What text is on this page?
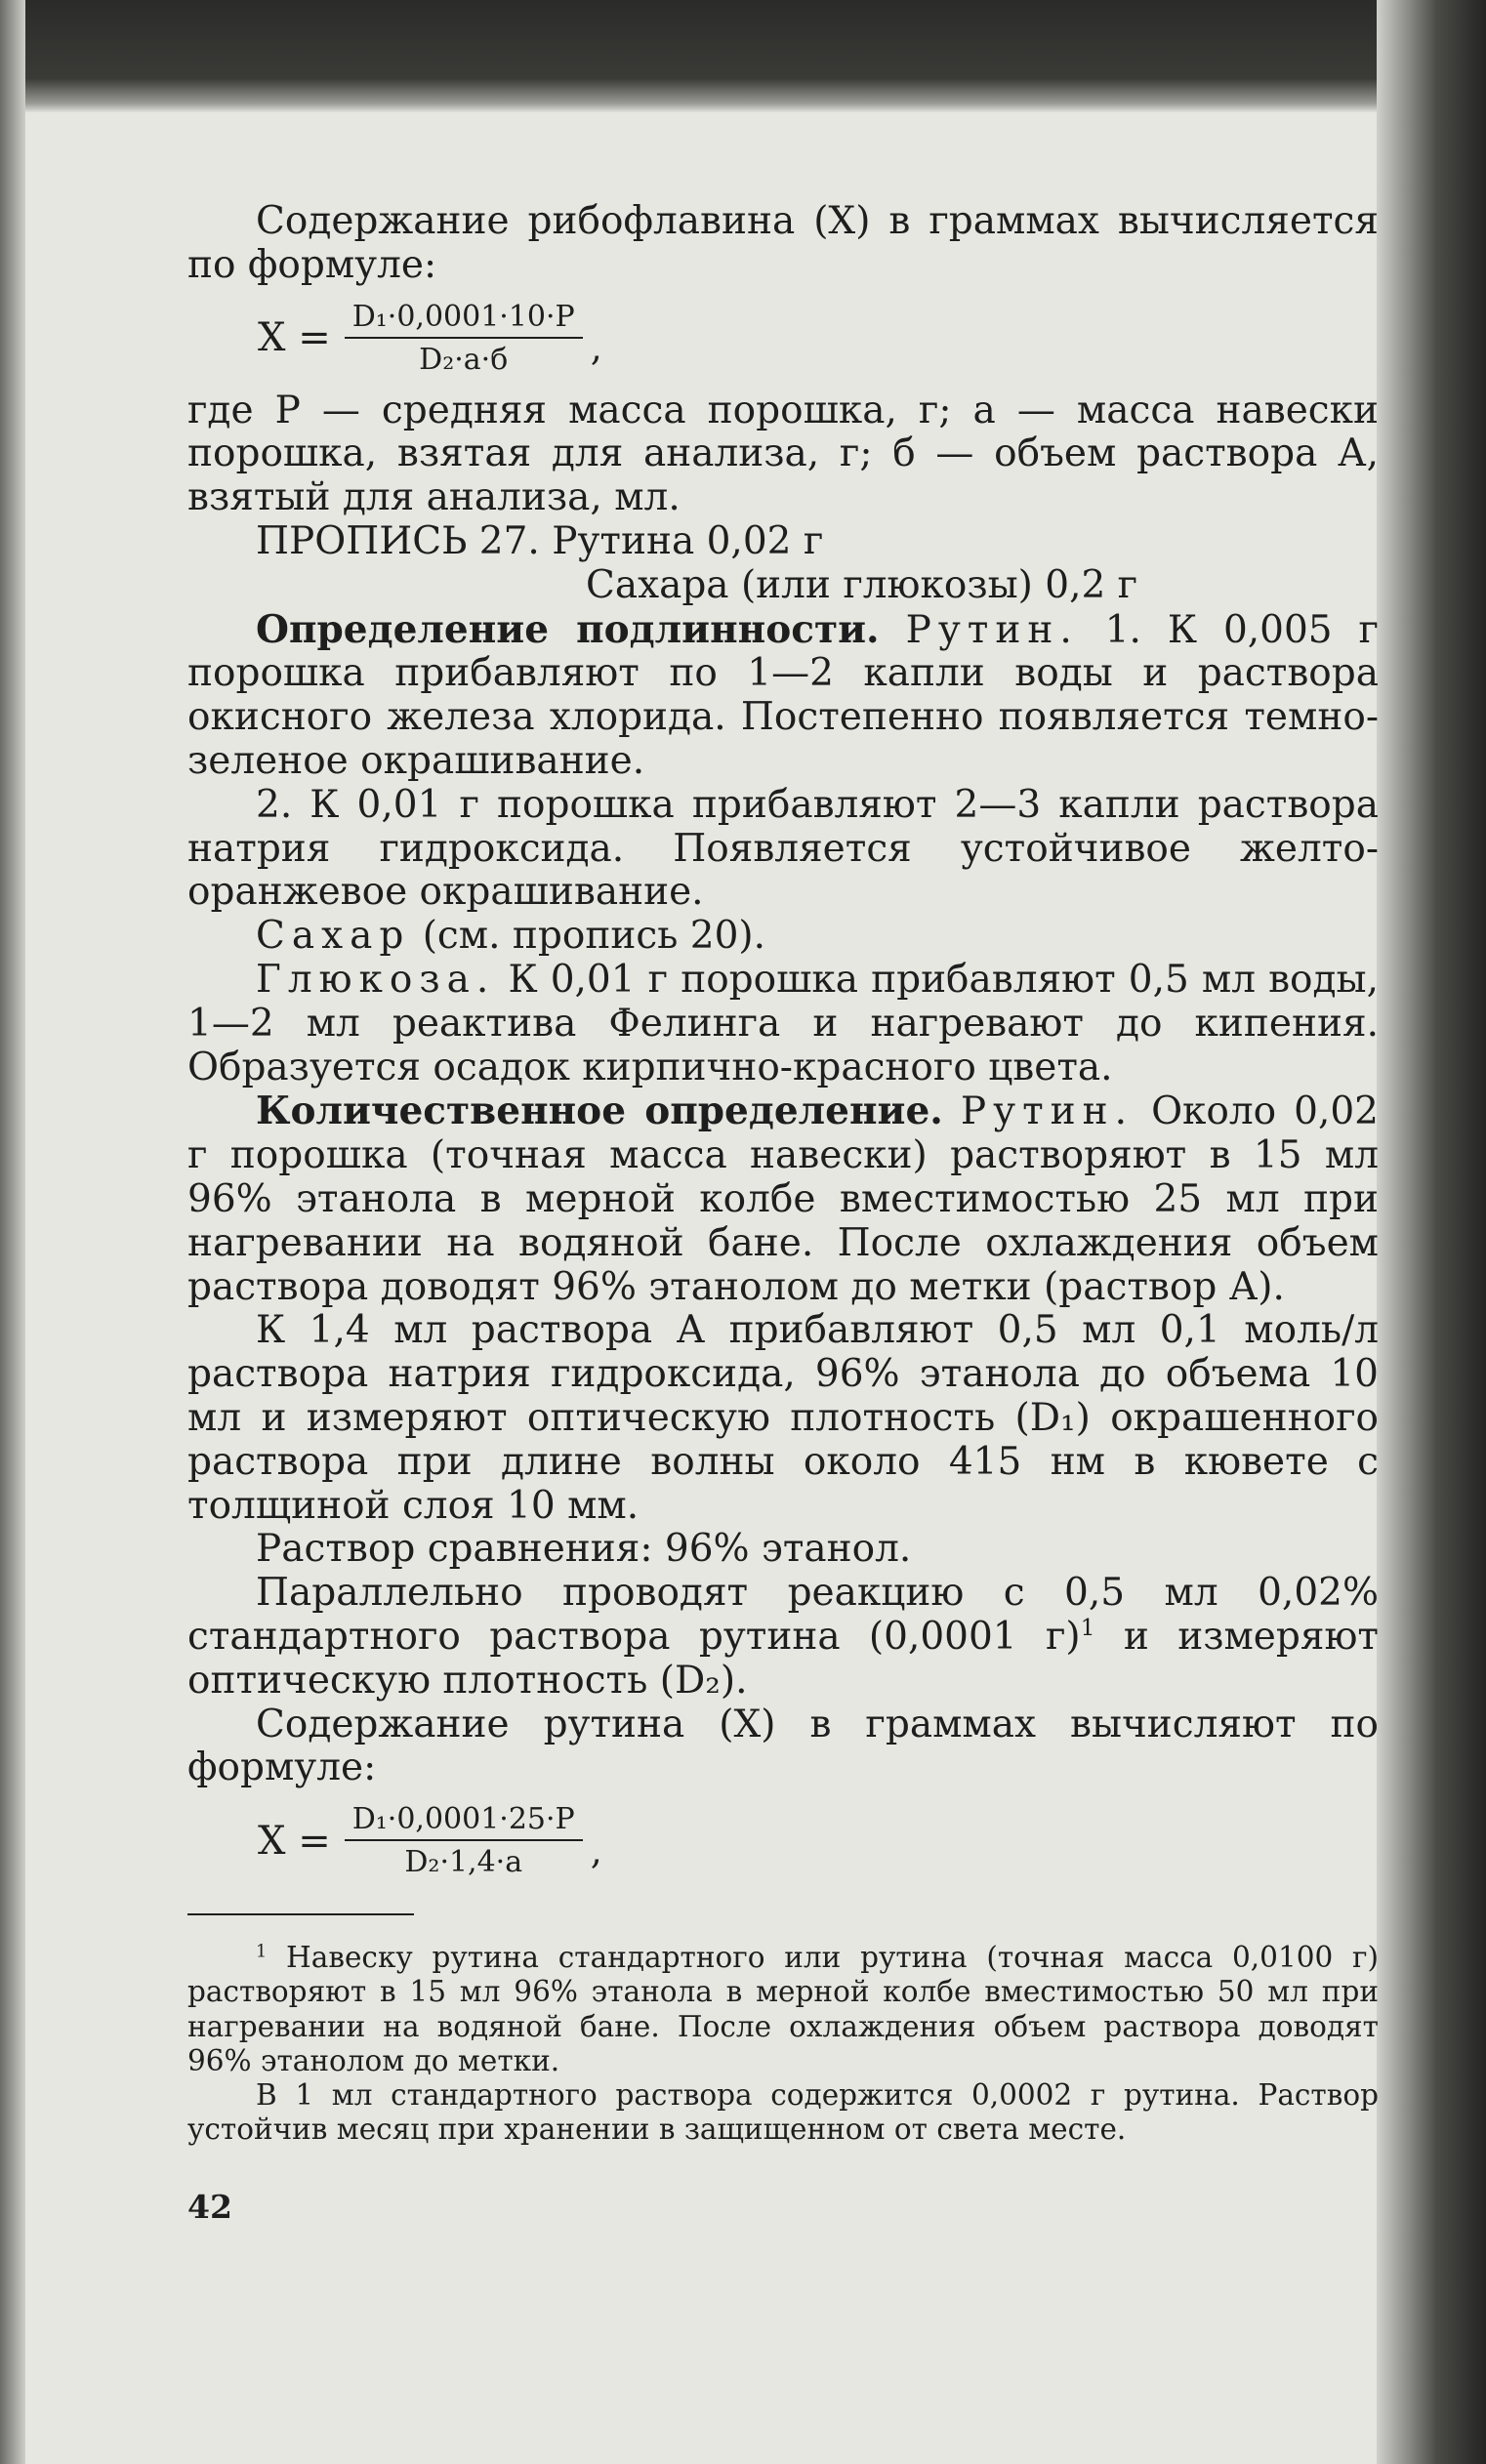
Содержание рибофлавина (X) в граммах вычисляется по формуле:

$X = \frac{\text{D₁·0,0001·10·P}}{\text{D₂·a·б}}$ ,

где P — средняя масса порошка, г; а — масса навески порошка, взятая для анализа, г; б — объем раствора А, взятый для анализа, мл.

ПРОПИСЬ 27. Рутина 0,02 г

Сахара (или глюкозы) 0,2 г

Определение подлинности. Рутин. 1. К 0,005 г порошка прибавляют по 1—2 капли воды и раствора окисного железа хлорида. Постепенно появляется темно-зеленое окрашивание.

2. К 0,01 г порошка прибавляют 2—3 капли раствора натрия гидроксида. Появляется устойчивое желто-оранжевое окрашивание.

Сахар (см. пропись 20).

Глюкоза. К 0,01 г порошка прибавляют 0,5 мл воды, 1—2 мл реактива Фелинга и нагревают до кипения. Образуется осадок кирпично-красного цвета.

Количественное определение. Рутин. Около 0,02 г порошка (точная масса навески) растворяют в 15 мл 96% этанола в мерной колбе вместимостью 25 мл при нагревании на водяной бане. После охлаждения объем раствора доводят 96% этанолом до метки (раствор А).

К 1,4 мл раствора А прибавляют 0,5 мл 0,1 моль/л раствора натрия гидроксида, 96% этанола до объема 10 мл и измеряют оптическую плотность (D₁) окрашенного раствора при длине волны около 415 нм в кювете с толщиной слоя 10 мм.

Раствор сравнения: 96% этанол.

Параллельно проводят реакцию с 0,5 мл 0,02% стандартного раствора рутина (0,0001 г)$^1$ и измеряют оптическую плотность (D₂).

Содержание рутина (X) в граммах вычисляют по формуле:

$X = \frac{\text{D₁·0,0001·25·P}}{\text{D₂·1,4·a}}$ ,

$^1$ Навеску рутина стандартного или рутина (точная масса 0,0100 г) растворяют в 15 мл 96% этанола в мерной колбе вместимостью 50 мл при нагревании на водяной бане. После охлаждения объем раствора доводят 96% этанолом до метки.

В 1 мл стандартного раствора содержится 0,0002 г рутина. Раствор устойчив месяц при хранении в защищенном от света месте.

42
